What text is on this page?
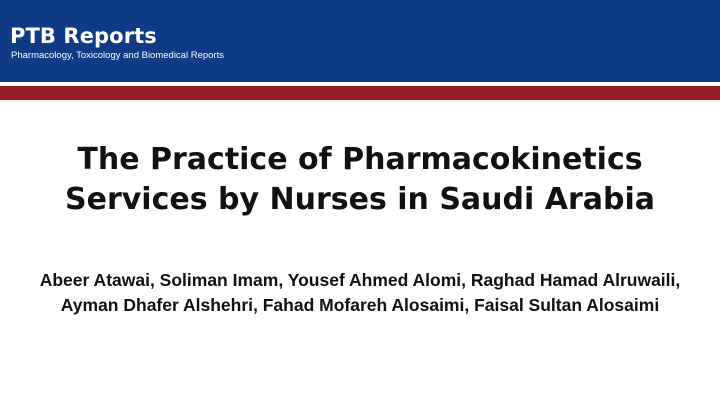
PTB Reports
Pharmacology, Toxicology and Biomedical Reports
The Practice of Pharmacokinetics Services by Nurses in Saudi Arabia

Abeer Atawai, Soliman Imam, Yousef Ahmed Alomi, Raghad Hamad Alruwaili, Ayman Dhafer Alshehri, Fahad Mofareh Alosaimi, Faisal Sultan Alosaimi
